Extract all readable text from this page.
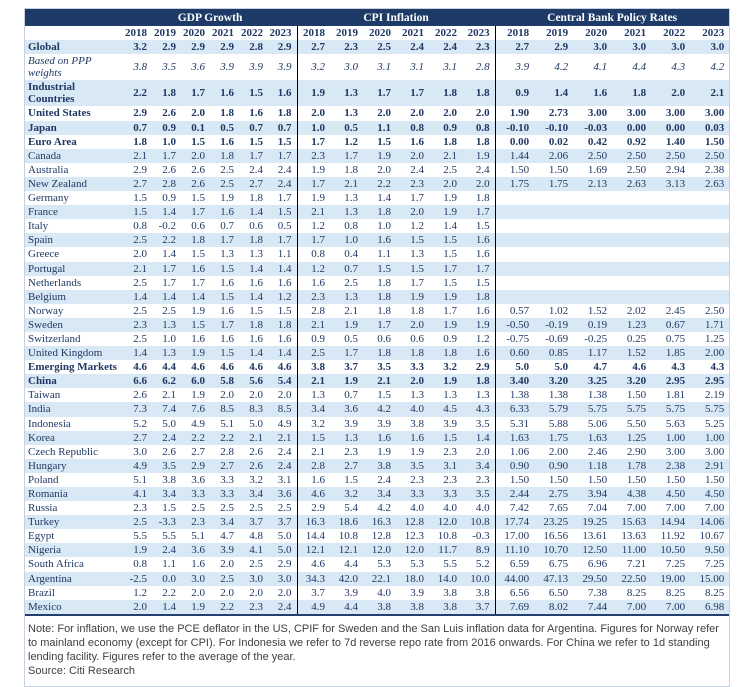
	GDP Growth						CPI Inflation						Central Bank Policy Rates					
	2018	2019	2020	2021	2022	2023	2018	2019	2020	2021	2022	2023	2018	2019	2020	2021	2022	2023
Global	3.2	2.9	2.9	2.9	2.8	2.9	2.7	2.3	2.5	2.4	2.4	2.3	2.7	2.9	3.0	3.0	3.0	3.0
Based on PPP weights	3.8	3.5	3.6	3.9	3.9	3.9	3.2	3.0	3.1	3.1	3.1	2.8	3.9	4.2	4.1	4.4	4.3	4.2
Industrial Countries	2.2	1.8	1.7	1.6	1.5	1.6	1.9	1.3	1.7	1.7	1.8	1.8	0.9	1.4	1.6	1.8	2.0	2.1
United States	2.9	2.6	2.0	1.8	1.6	1.8	2.0	1.3	2.0	2.0	2.0	2.0	1.90	2.73	3.00	3.00	3.00	3.00
Japan	0.7	0.9	0.1	0.5	0.7	0.7	1.0	0.5	1.1	0.8	0.9	0.8	-0.10	-0.10	-0.03	0.00	0.00	0.03
Euro Area	1.8	1.0	1.5	1.6	1.5	1.5	1.7	1.2	1.5	1.6	1.8	1.8	0.00	0.02	0.42	0.92	1.40	1.50
Canada	2.1	1.7	2.0	1.8	1.7	1.7	2.3	1.7	1.9	2.0	2.1	1.9	1.44	2.06	2.50	2.50	2.50	2.50
Australia	2.9	2.6	2.6	2.5	2.4	2.4	1.9	1.8	2.0	2.4	2.5	2.4	1.50	1.50	1.69	2.50	2.94	2.38
New Zealand	2.7	2.8	2.6	2.5	2.7	2.4	1.7	2.1	2.2	2.3	2.0	2.0	1.75	1.75	2.13	2.63	3.13	2.63
Germany	1.5	0.9	1.5	1.9	1.8	1.7	1.9	1.3	1.4	1.7	1.9	1.8						
France	1.5	1.4	1.7	1.6	1.4	1.5	2.1	1.3	1.8	2.0	1.9	1.7						
Italy	0.8	-0.2	0.6	0.7	0.6	0.5	1.2	0.8	1.0	1.2	1.4	1.5						
Spain	2.5	2.2	1.8	1.7	1.8	1.7	1.7	1.0	1.6	1.5	1.5	1.6						
Greece	2.0	1.4	1.5	1.3	1.3	1.1	0.8	0.4	1.1	1.3	1.5	1.6						
Portugal	2.1	1.7	1.6	1.5	1.4	1.4	1.2	0.7	1.5	1.5	1.7	1.7						
Netherlands	2.5	1.7	1.7	1.6	1.6	1.6	1.6	2.5	1.8	1.7	1.5	1.5						
Belgium	1.4	1.4	1.4	1.5	1.4	1.2	2.3	1.3	1.8	1.9	1.9	1.8						
Norway	2.5	2.5	1.9	1.6	1.5	1.5	2.8	2.1	1.8	1.8	1.7	1.6	0.57	1.02	1.52	2.02	2.45	2.50
Sweden	2.3	1.3	1.5	1.7	1.8	1.8	2.1	1.9	1.7	2.0	1.9	1.9	-0.50	-0.19	0.19	1.23	0.67	1.71
Switzerland	2.5	1.0	1.6	1.6	1.6	1.6	0.9	0.5	0.6	0.6	0.9	1.2	-0.75	-0.69	-0.25	0.25	0.75	1.25
United Kingdom	1.4	1.3	1.9	1.5	1.4	1.4	2.5	1.7	1.8	1.8	1.8	1.6	0.60	0.85	1.17	1.52	1.85	2.00
Emerging Markets	4.6	4.4	4.6	4.6	4.6	4.6	3.8	3.7	3.5	3.3	3.2	2.9	5.0	5.0	4.7	4.6	4.3	4.3
China	6.6	6.2	6.0	5.8	5.6	5.4	2.1	1.9	2.1	2.0	1.9	1.8	3.40	3.20	3.25	3.20	2.95	2.95
Taiwan	2.6	2.1	1.9	2.0	2.0	2.0	1.3	0.7	1.5	1.3	1.3	1.3	1.38	1.38	1.38	1.50	1.81	2.19
India	7.3	7.4	7.6	8.5	8.3	8.5	3.4	3.6	4.2	4.0	4.5	4.3	6.33	5.79	5.75	5.75	5.75	5.75
Indonesia	5.2	5.0	4.9	5.1	5.0	4.9	3.2	3.9	3.9	3.8	3.9	3.5	5.31	5.88	5.06	5.50	5.63	5.25
Korea	2.7	2.4	2.2	2.2	2.1	2.1	1.5	1.3	1.6	1.6	1.5	1.4	1.63	1.75	1.63	1.25	1.00	1.00
Czech Republic	3.0	2.6	2.7	2.8	2.6	2.4	2.1	2.3	1.9	1.9	2.3	2.0	1.06	2.00	2.46	2.90	3.00	3.00
Hungary	4.9	3.5	2.9	2.7	2.6	2.4	2.8	2.7	3.8	3.5	3.1	3.4	0.90	0.90	1.18	1.78	2.38	2.91
Poland	5.1	3.8	3.6	3.3	3.2	3.1	1.6	1.5	2.4	2.3	2.3	2.3	1.50	1.50	1.50	1.50	1.50	1.50
Romania	4.1	3.4	3.3	3.3	3.4	3.6	4.6	3.2	3.4	3.3	3.3	3.5	2.44	2.75	3.94	4.38	4.50	4.50
Russia	2.3	1.5	2.5	2.5	2.5	2.5	2.9	5.4	4.2	4.0	4.0	4.0	7.42	7.65	7.04	7.00	7.00	7.00
Turkey	2.5	-3.3	2.3	3.4	3.7	3.7	16.3	18.6	16.3	12.8	12.0	10.8	17.74	23.25	19.25	15.63	14.94	14.06
Egypt	5.5	5.5	5.1	4.7	4.8	5.0	14.4	10.8	12.8	12.3	10.8	-0.3	17.00	16.56	13.61	13.63	11.92	10.67
Nigeria	1.9	2.4	3.6	3.9	4.1	5.0	12.1	12.1	12.0	12.0	11.7	8.9	11.10	10.70	12.50	11.00	10.50	9.50
South Africa	0.8	1.1	1.6	2.0	2.5	2.9	4.6	4.4	5.3	5.3	5.5	5.2	6.59	6.75	6.96	7.21	7.25	7.25
Argentina	-2.5	0.0	3.0	2.5	3.0	3.0	34.3	42.0	22.1	18.0	14.0	10.0	44.00	47.13	29.50	22.50	19.00	15.00
Brazil	1.2	2.2	2.0	2.0	2.0	2.0	3.7	3.9	4.0	3.9	3.8	3.8	6.56	6.50	7.38	8.25	8.25	8.25
Mexico	2.0	1.4	1.9	2.2	2.3	2.4	4.9	4.4	3.8	3.8	3.8	3.7	7.69	8.02	7.44	7.00	7.00	6.98
Note: For inflation, we use the PCE deflator in the US, CPIF for Sweden and the San Luis inflation data for Argentina. Figures for Norway refer to mainland economy (except for CPI). For Indonesia we refer to 7d reverse repo rate from 2016 onwards. For China we refer to 1d standing lending facility. Figures refer to the average of the year.
Source: Citi Research
